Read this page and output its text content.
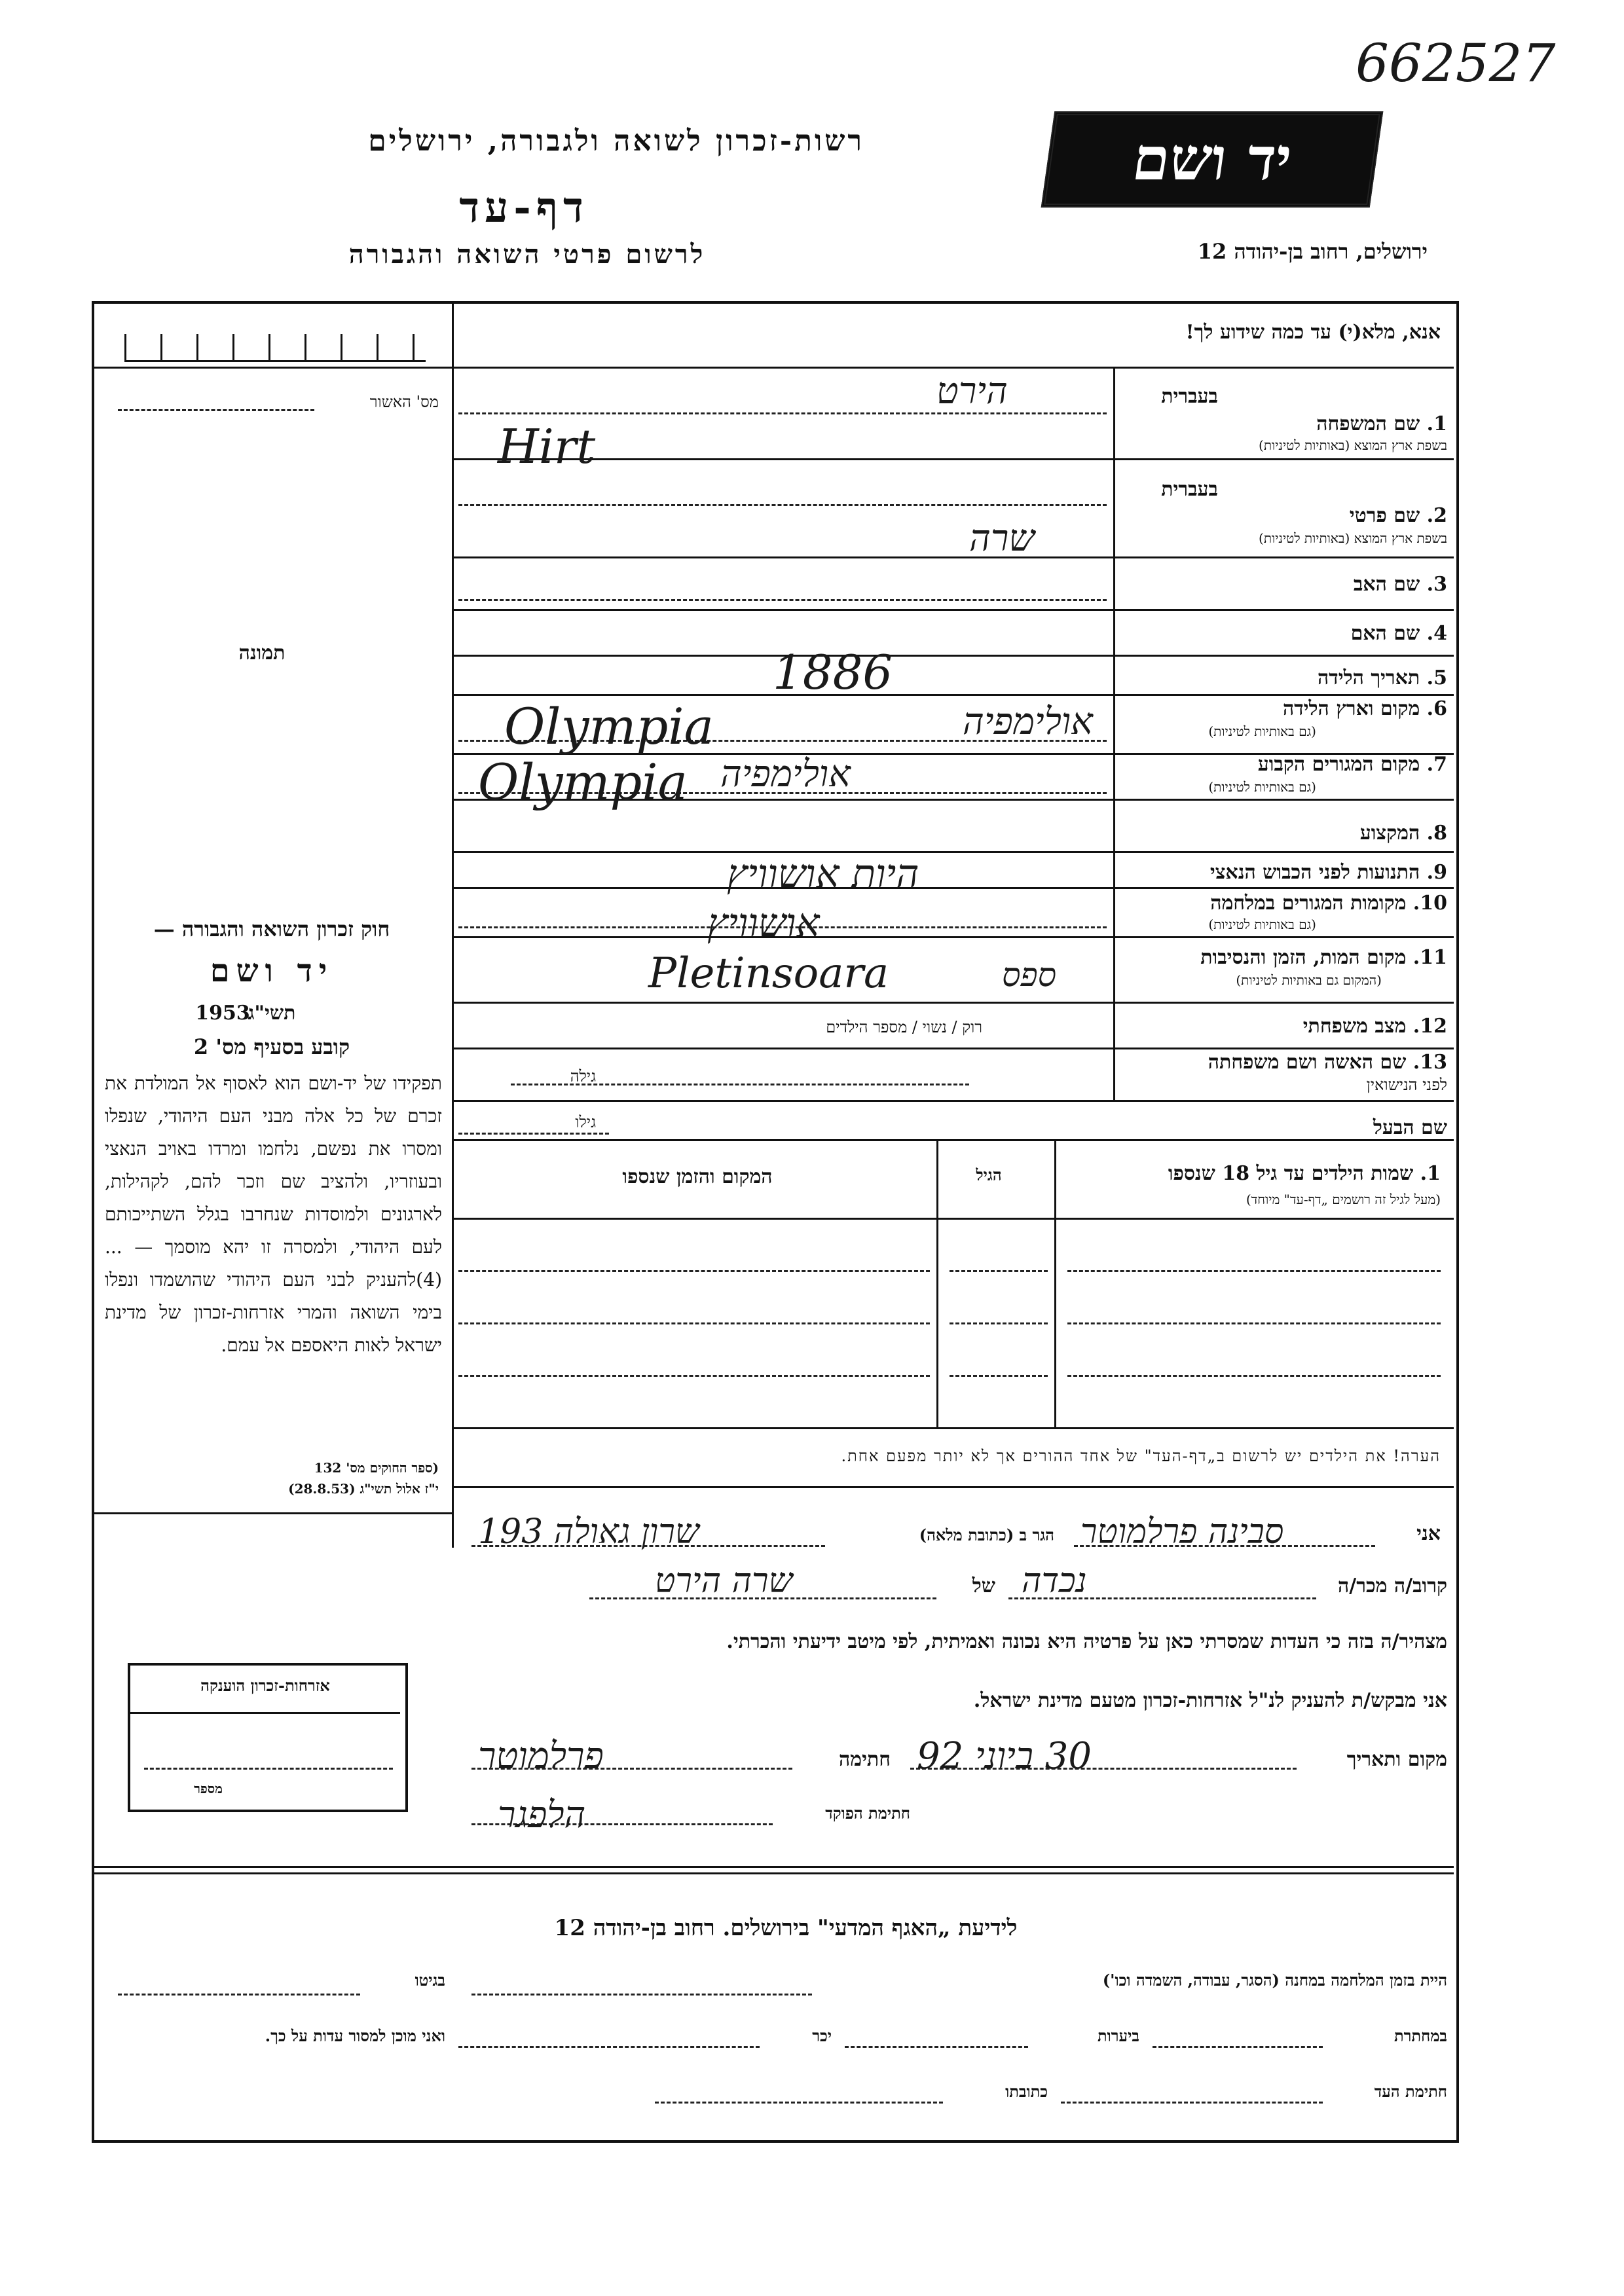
662527
רשות-זכרון לשואה ולגבורה, ירושלים
דף-עד
לרשום פרטי השואה והגבורה
יד ושם
ירושלים, רחוב בן-יהודה 12
אנא, מלא(י) עד כמה שידוע לך!
מס' האשור
תמונה
חוק זכרון השואה והגבורה —
יד ושם
תשי"ג
1953
קובע בסעיף מס' 2
תפקידו של יד-ושם הוא לאסוף אל המולדת את זכרם של כל אלה מבני העם היהודי, שנפלו ומסרו את נפשם, נלחמו ומרדו באויב הנאצי ובעוזריו, ולהציב שם וזכר להם, לקהילות, לארגונים ולמוסדות שנחרבו בגלל השתייכותם לעם היהודי, ולמסרה זו יהא מוסמך — ...(4)להעניק לבני העם היהודי שהושמדו ונפלו בימי השואה והמרי אזרחות-זכרון של מדינת ישראל לאות היאספם אל עמם.
(ספר החוקים מס' 132
י"ז אלול תשי"ג (28.8.53)
בעברית
1. שם המשפחה
בשפת ארץ המוצא (באותיות לטיניות)
בעברית
2. שם פרטי
בשפת ארץ המוצא (באותיות לטיניות)
3. שם האב
4. שם האם
5. תאריך הלידה
6. מקום וארץ הלידה
(גם באותיות לטיניות)
7. מקום המגורים הקבוע
(גם באותיות לטיניות)
8. המקצוע
9. התנועות לפני הכבוש הנאצי
10. מקומות המגורים במלחמה
(גם באותיות לטיניות)
11. מקום המות, הזמן והנסיבות
(המקום גם באותיות לטיניות)
12. מצב משפחתי
רוק / נשוי / מספר הילדים
13. שם האשה ושם משפחתה
לפני הנישואין
גילה
שם הבעל
גילו
1. שמות הילדים עד גיל 18 שנספו
(מעל לגיל זה רושמים „דף-עד" מיוחד)
הגיל
המקום והזמן שנספו
הערה! את הילדים יש לרשום ב„דף-העד" של אחד ההורים אך לא יותר מפעם אחת.
אני
הגר ב (כתובת מלאה)
קרוב/ה מכר/ה
של
מצהיר/ה בזה כי העדות שמסרתי כאן על פרטיה היא נכונה ואמיתית, לפי מיטב ידיעתי והכרתי.
אני מבקש/ת להעניק לנ"ל אזרחות-זכרון מטעם מדינת ישראל.
מקום ותאריך
חתימה
חתימת הפוקד
אזרחות-זכרון הוענקה
מספר
לידיעת „האגף המדעי" בירושלים. רחוב בן-יהודה 12
היית בזמן המלחמה במחנה (הסגר, עבודה, השמדה וכו')
בגיטו
במחתרת
ביערות
יכר
ואני מוכן למסור עדות על כך.
חתימת העד
כתובתו
הירט
Hirt
שרה
1886
Olympia	אולימפיה
Olympia אולימפיה
היות אושוויץ
אושוויץ
Pletinsoara	ספס
סבינה פרלמוטר
שרון גאולה 193
נכדה
שרה הירט
30 ביוני 92
פרלמוטר
הלפגר
